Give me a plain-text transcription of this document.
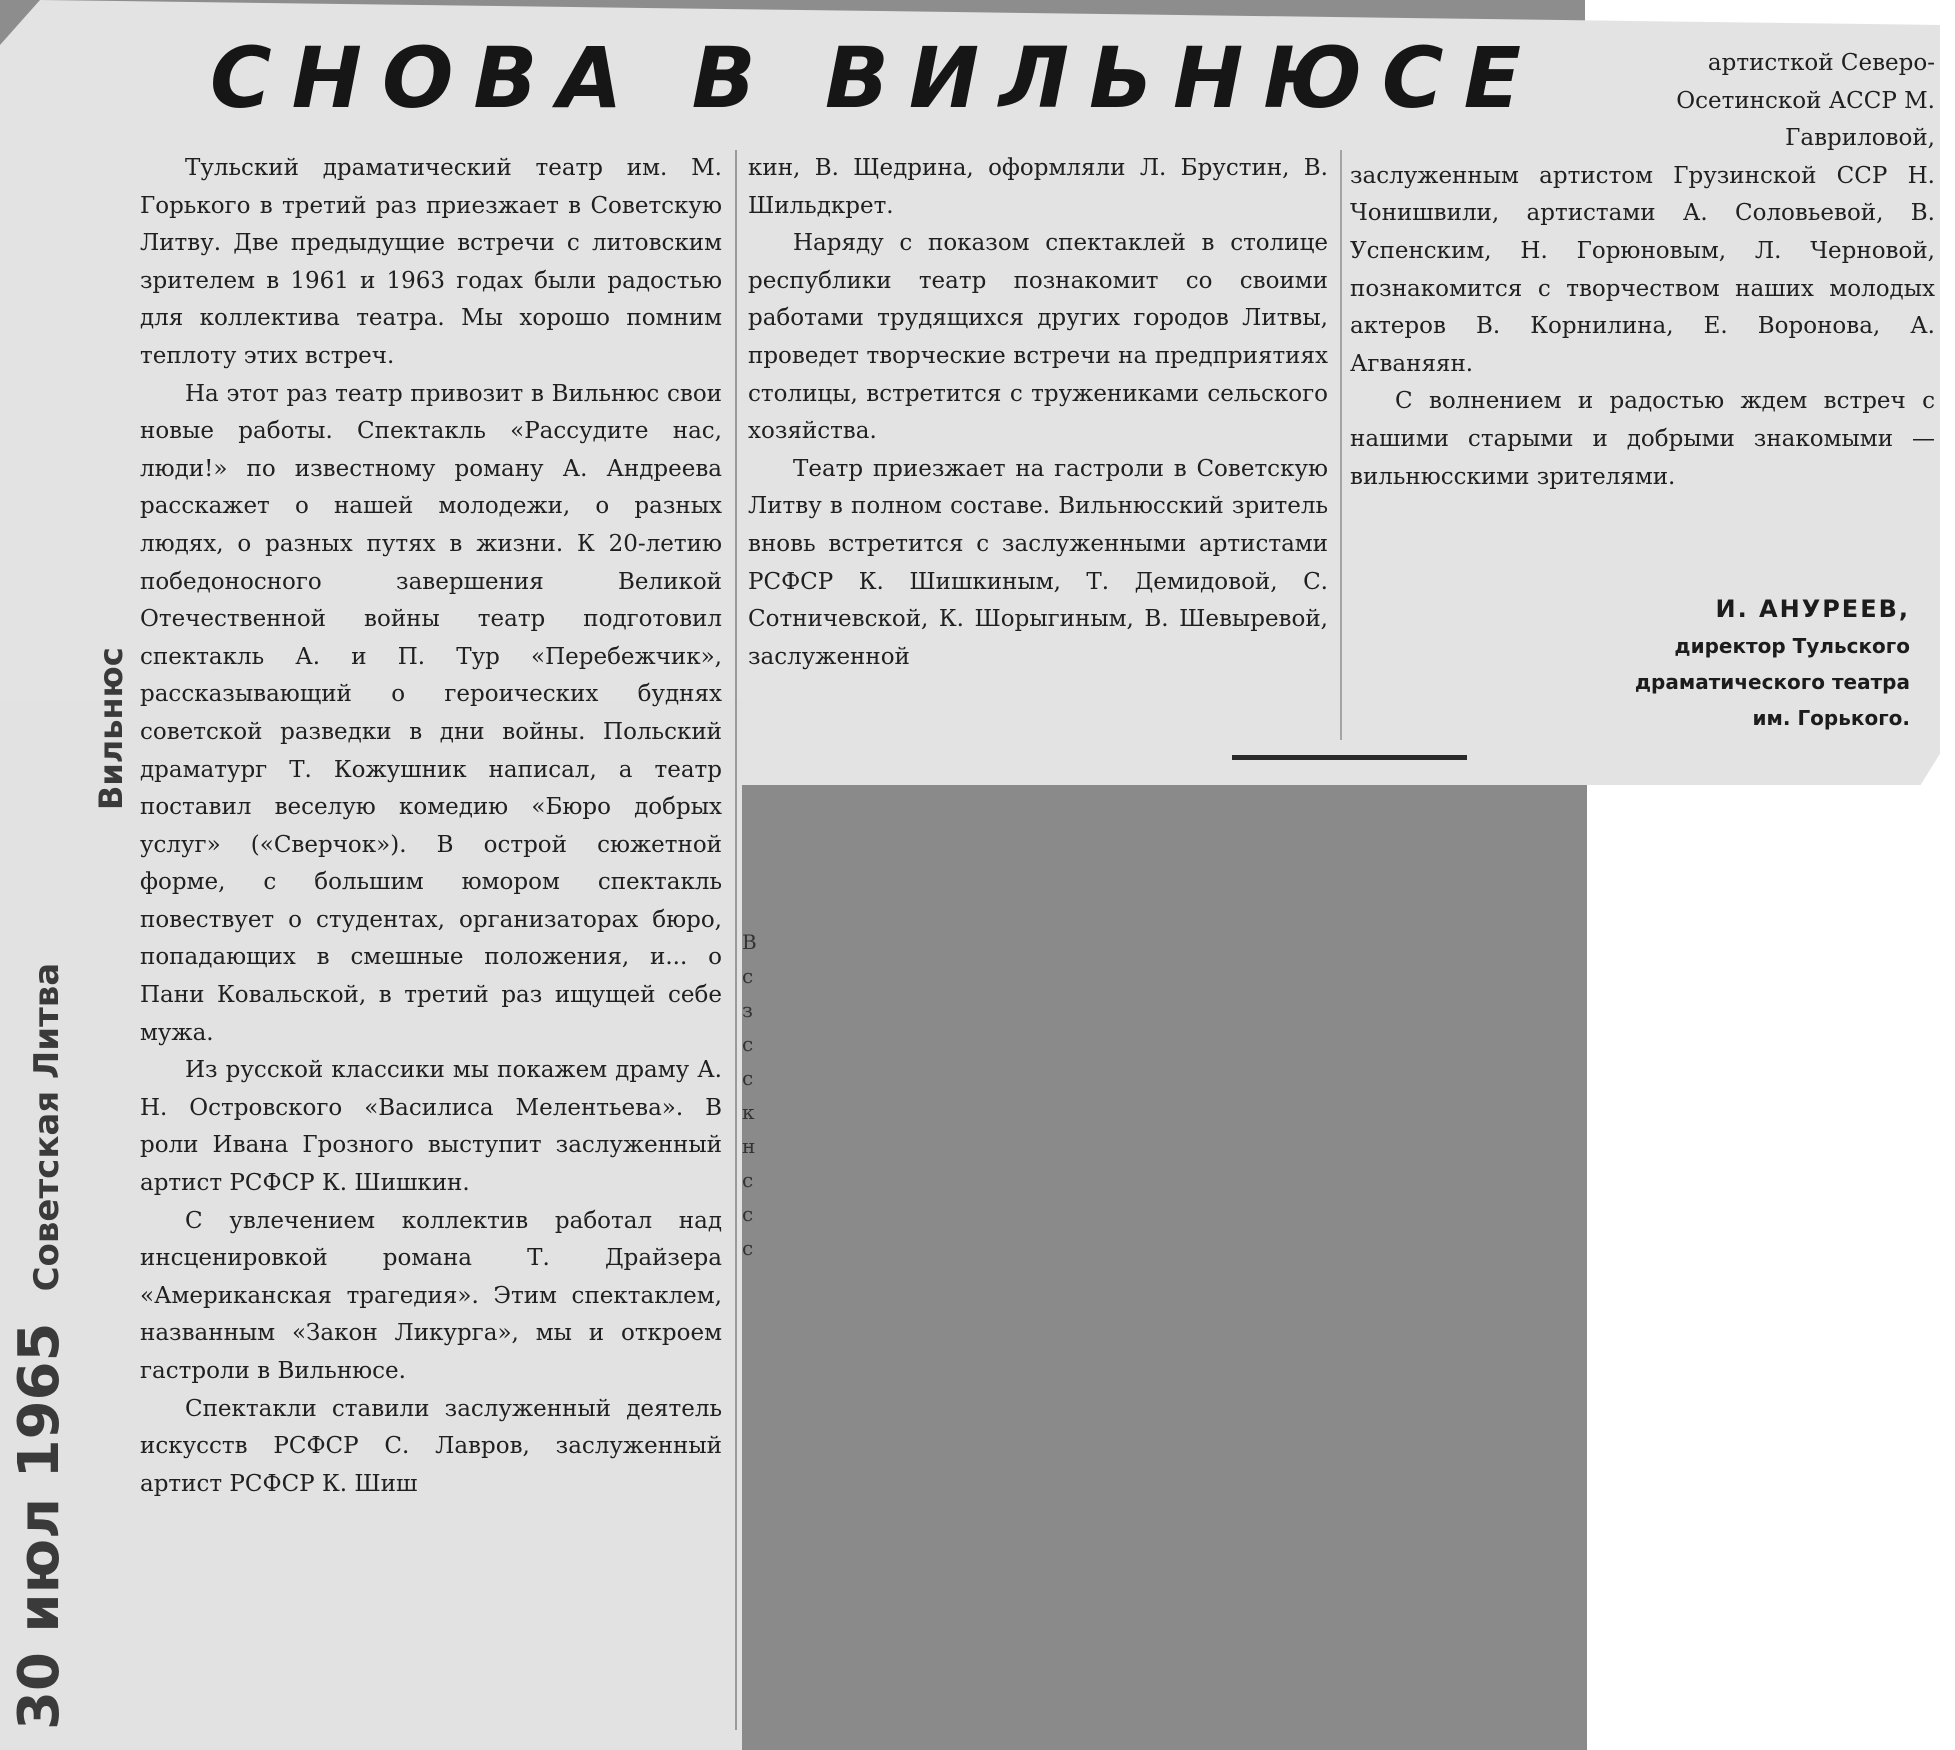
В
с
з
с
с
к
н
с
с
с
СНОВА В ВИЛЬНЮСЕ

Тульский драматический театр им. М. Горького в третий раз приезжает в Советскую Литву. Две предыдущие встречи с литовским зрителем в 1961 и 1963 годах были радостью для коллектива театра. Мы хорошо помним теплоту этих встреч.

На этот раз театр привозит в Вильнюс свои новые работы. Спектакль «Рассудите нас, люди!» по известному роману А. Андреева расскажет о нашей молодежи, о разных людях, о разных путях в жизни. К 20-летию победоносного завершения Великой Отечественной войны театр подготовил спектакль А. и П. Тур «Перебежчик», рассказывающий о героических буднях советской разведки в дни войны. Польский драматург Т. Кожушник написал, а театр поставил веселую комедию «Бюро добрых услуг» («Сверчок»). В острой сюжетной форме, с большим юмором спектакль повествует о студентах, организаторах бюро, попадающих в смешные положения, и... о Пани Ковальской, в третий раз ищущей себе мужа.

Из русской классики мы покажем драму А. Н. Островского «Василиса Мелентьева». В роли Ивана Грозного выступит заслуженный артист РСФСР К. Шишкин.

С увлечением коллектив работал над инсценировкой романа Т. Драйзера «Американская трагедия». Этим спектаклем, названным «Закон Ликурга», мы и откроем гастроли в Вильнюсе.

Спектакли ставили заслуженный деятель искусств РСФСР С. Лавров, заслуженный артист РСФСР К. Шиш

кин, В. Щедрина, оформляли Л. Брустин, В. Шильдкрет.

Наряду с показом спектаклей в столице республики театр познакомит со своими работами трудящихся других городов Литвы, проведет творческие встречи на предприятиях столицы, встретится с тружениками сельского хозяйства.

Театр приезжает на гастроли в Советскую Литву в полном составе. Вильнюсский зритель вновь встретится с заслуженными артистами РСФСР К. Шишкиным, Т. Демидовой, С. Сотничевской, К. Шорыгиным, В. Шевыревой, заслуженной

артисткой Северо-Осетинской АССР М. Гавриловой,

заслуженным артистом Грузинской ССР Н. Чонишвили, артистами А. Соловьевой, В. Успенским, Н. Горюновым, Л. Черновой, познакомится с творчеством наших молодых актеров В. Корнилина, Е. Воронова, А. Агваняян.

С волнением и радостью ждем встреч с нашими старыми и добрыми знакомыми — вильнюсскими зрителями.

И. АНУРЕЕВ,
директор Тульского
драматического театра
им. Горького.
30 июл 1965 Советская Литва
Вильнюс
